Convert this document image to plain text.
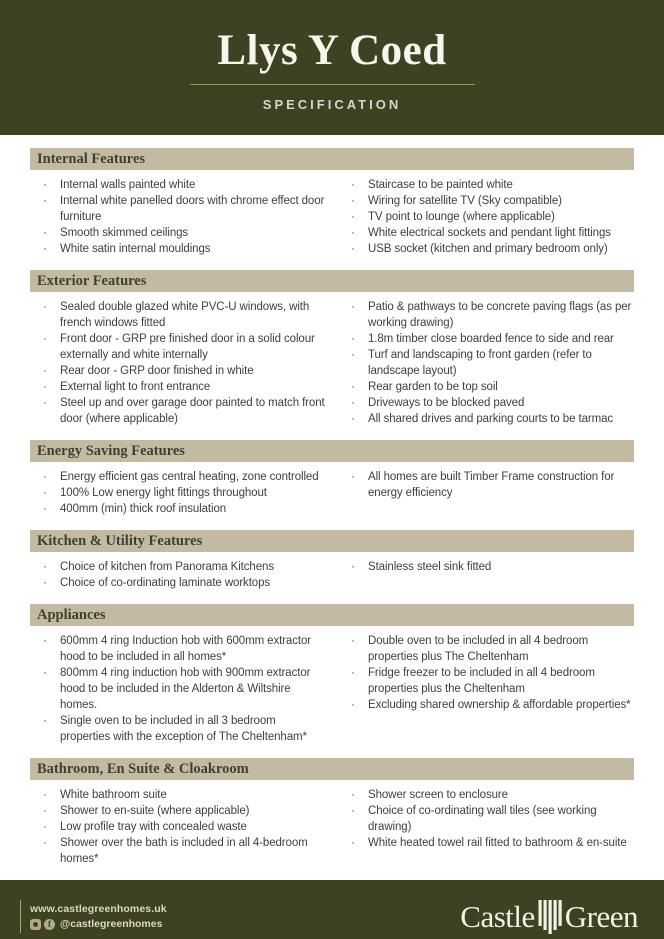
Llys Y Coed
SPECIFICATION
Internal Features
·	Internal walls painted white
·	Internal white panelled doors with chrome effect door furniture
·	Smooth skimmed ceilings
·	White satin internal mouldings
·	Staircase to be painted white
·	Wiring for satellite TV (Sky compatible)
·	TV point to lounge (where applicable)
·	White electrical sockets and pendant light fittings
·	USB socket (kitchen and primary bedroom only)
Exterior Features
·	Sealed double glazed white PVC-U windows, with french windows fitted
·	Front door - GRP pre finished door in a solid colour externally and white internally
·	Rear door - GRP door finished in white
·	External light to front entrance
·	Steel up and over garage door painted to match front door (where applicable)
·	Patio & pathways to be concrete paving flags (as per working drawing)
·	1.8m timber close boarded fence to side and rear
·	Turf and landscaping to front garden (refer to landscape layout)
·	Rear garden to be top soil
·	Driveways to be blocked paved
·	All shared drives and parking courts to be tarmac
Energy Saving Features
·	Energy efficient gas central heating, zone controlled
·	100% Low energy light fittings throughout
·	400mm (min) thick roof insulation
·	All homes are built Timber Frame construction for energy efficiency
Kitchen & Utility Features
·	Choice of kitchen from Panorama Kitchens
·	Choice of co-ordinating laminate worktops
·	Stainless steel sink fitted
Appliances
·	600mm 4 ring Induction hob with 600mm extractor hood to be included in all homes*
·	800mm 4 ring induction hob with 900mm extractor hood to be included in the Alderton & Wiltshire homes.
·	Single oven to be included in all 3 bedroom properties with the exception of The Cheltenham*
·	Double oven to be included in all 4 bedroom properties plus The Cheltenham
·	Fridge freezer to be included in all 4 bedroom properties plus the Cheltenham
·	Excluding shared ownership & affordable properties*
Bathroom, En Suite & Cloakroom
·	White bathroom suite
·	Shower to en-suite (where applicable)
·	Low profile tray with concealed waste
·	Shower over the bath is included in all 4-bedroom homes*
·	Shower screen to enclosure
·	Choice of co-ordinating wall tiles (see working drawing)
·	White heated towel rail fitted to bathroom & en-suite
www.castlegreenhomes.uk
f @castlegreenhomes	Castle Green
